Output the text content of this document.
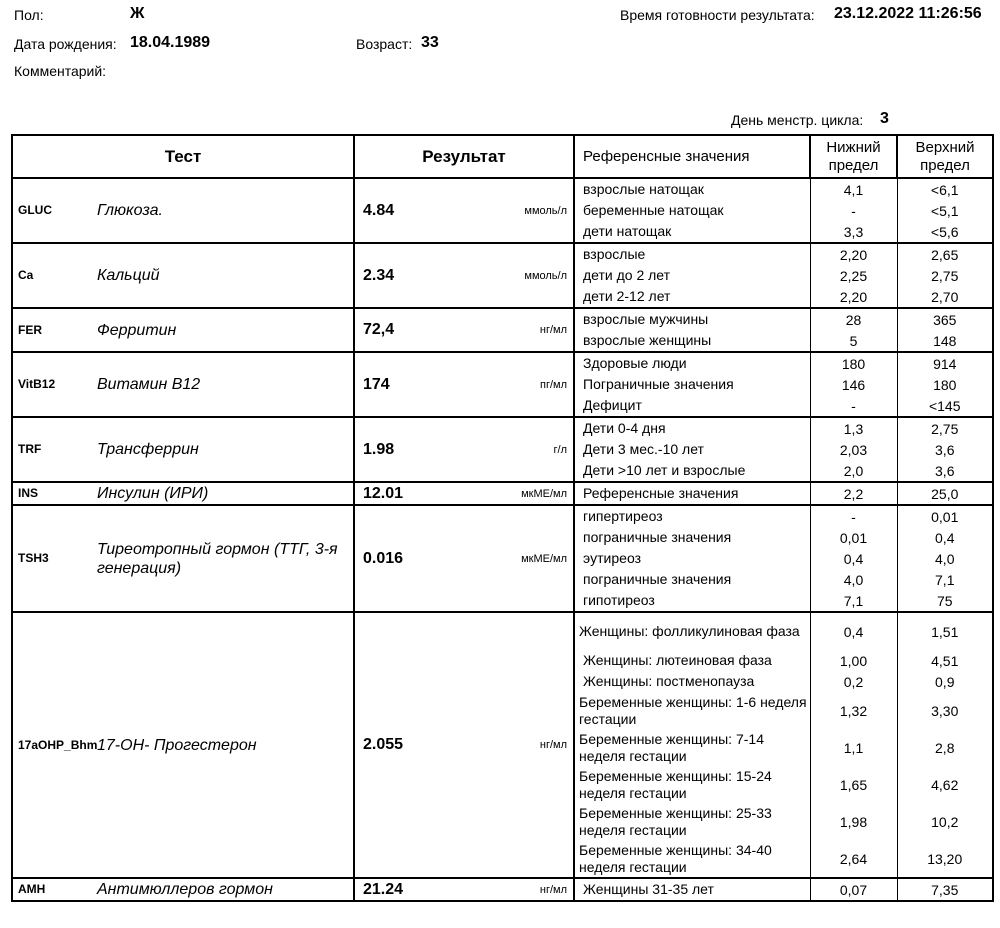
Пол:	Ж	Время готовности результата: 23.12.2022 11:26:56
Дата рождения: 18.04.1989	Возраст: 33
Комментарий:
День менстр. цикла: 3
Тест		Результат		Референсные значения	Нижний предел	Верхний предел
GLUC	Глюкоза.	4.84	ммоль/л	взрослые натощак	4,1	<6,1
				беременные натощак	-	<5,1
				дети натощак	3,3	<5,6
Ca	Кальций	2.34	ммоль/л	взрослые	2,20	2,65
				дети до 2 лет	2,25	2,75
				дети 2-12 лет	2,20	2,70
FER	Ферритин	72,4	нг/мл	взрослые мужчины	28	365
				взрослые женщины	5	148
VitB12	Витамин В12	174	пг/мл	Здоровые люди	180	914
				Пограничные значения	146	180
				Дефицит	-	<145
TRF	Трансферрин	1.98	г/л	Дети 0-4 дня	1,3	2,75
				Дети 3 мес.-10 лет	2,03	3,6
				Дети >10 лет и взрослые	2,0	3,6
INS	Инсулин (ИРИ)	12.01	мкМЕ/мл	Референсные значения	2,2	25,0
TSH3	Тиреотропный гормон (ТТГ, 3-я генерация)	0.016	мкМЕ/мл	гипертиреоз	-	0,01
				пограничные значения	0,01	0,4
				эутиреоз	0,4	4,0
				пограничные значения	4,0	7,1
				гипотиреоз	7,1	75
17aOHP_Bhm	17-ОН- Прогестерон	2.055	нг/мл	Женщины: фолликулиновая фаза	0,4	1,51
				Женщины: лютеиновая фаза	1,00	4,51
				Женщины: постменопауза	0,2	0,9
				Беременные женщины: 1-6 неделя гестации	1,32	3,30
				Беременные женщины: 7-14 неделя гестации	1,1	2,8
				Беременные женщины: 15-24 неделя гестации	1,65	4,62
				Беременные женщины: 25-33 неделя гестации	1,98	10,2
				Беременные женщины: 34-40 неделя гестации	2,64	13,20
AMH	Антимюллеров гормон	21.24	нг/мл	Женщины 31-35 лет	0,07	7,35
